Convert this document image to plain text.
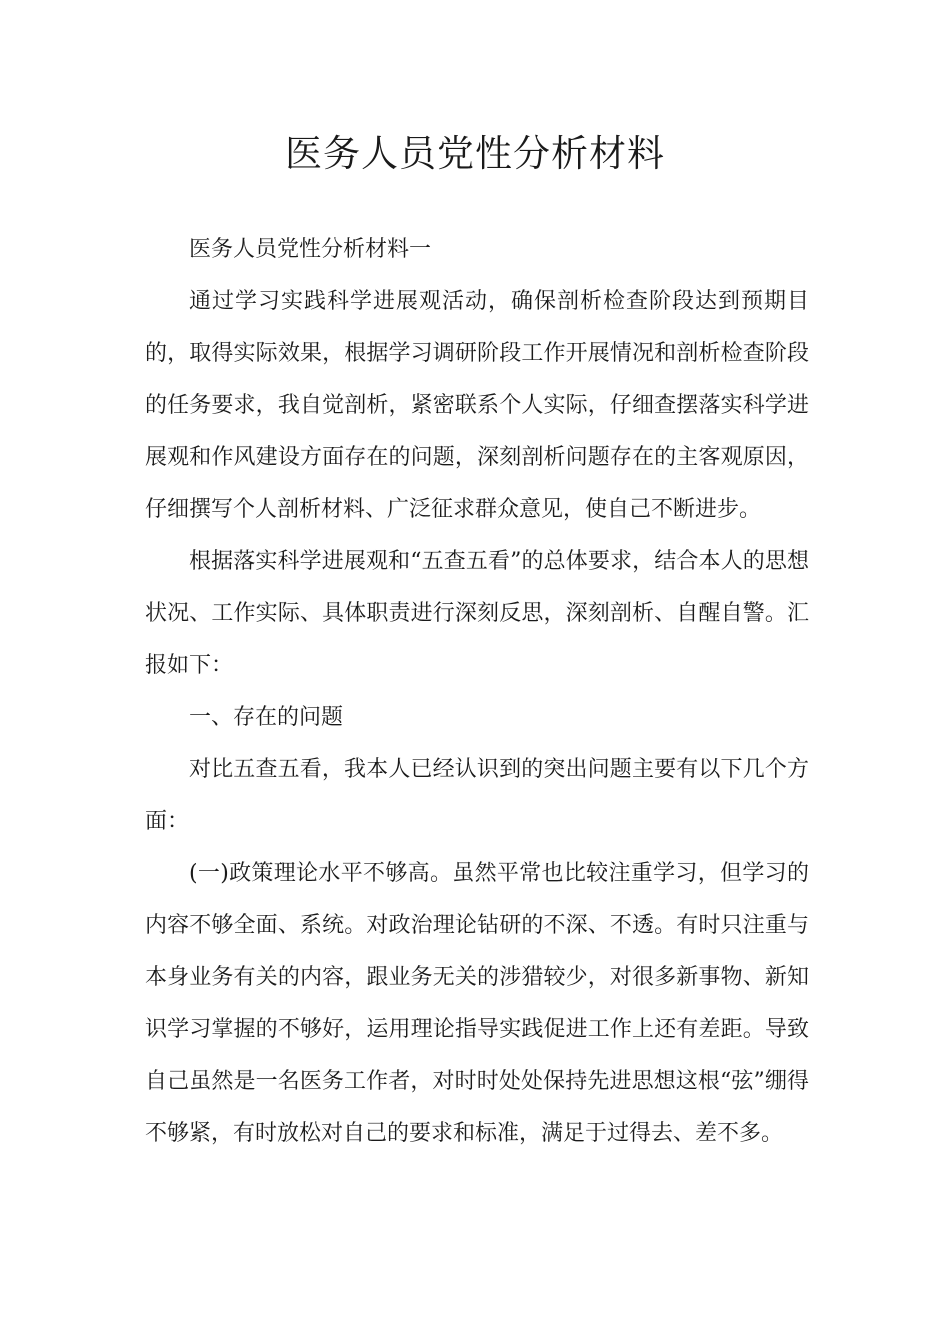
医务人员党性分析材料

医务人员党性分析材料一

通过学习实践科学进展观活动，确保剖析检查阶段达到预期目的，取得实际效果，根据学习调研阶段工作开展情况和剖析检查阶段的任务要求，我自觉剖析，紧密联系个人实际，仔细查摆落实科学进展观和作风建设方面存在的问题，深刻剖析问题存在的主客观原因，仔细撰写个人剖析材料、广泛征求群众意见，使自己不断进步。

根据落实科学进展观和“五查五看”的总体要求，结合本人的思想状况、工作实际、具体职责进行深刻反思，深刻剖析、自醒自警。汇报如下：

一、存在的问题

对比五查五看，我本人已经认识到的突出问题主要有以下几个方面：

(一)政策理论水平不够高。虽然平常也比较注重学习，但学习的内容不够全面、系统。对政治理论钻研的不深、不透。有时只注重与本身业务有关的内容，跟业务无关的涉猎较少，对很多新事物、新知识学习掌握的不够好，运用理论指导实践促进工作上还有差距。导致自己虽然是一名医务工作者，对时时处处保持先进思想这根“弦”绷得不够紧，有时放松对自己的要求和标准，满足于过得去、差不多。
